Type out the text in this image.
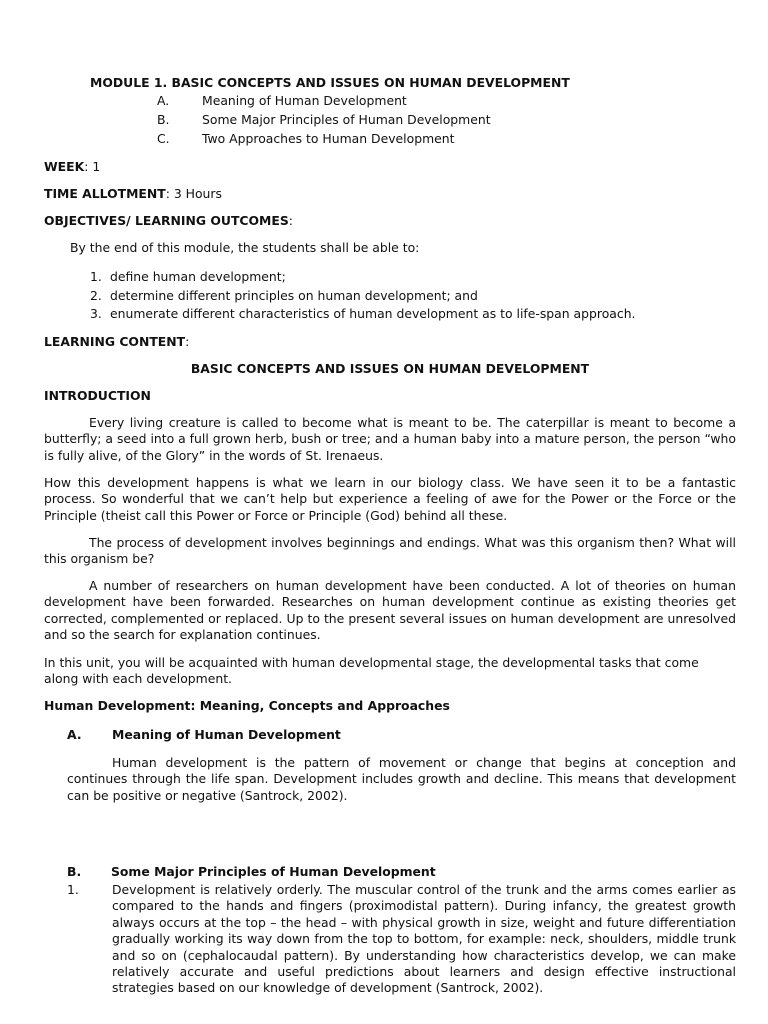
MODULE 1. BASIC CONCEPTS AND ISSUES ON HUMAN DEVELOPMENT

A.	Meaning of Human Development
B.	Some Major Principles of Human Development
C.	Two Approaches to Human Development

WEEK: 1

TIME ALLOTMENT: 3 Hours

OBJECTIVES/ LEARNING OUTCOMES:

By the end of this module, the students shall be able to:

1. define human development;
2. determine different principles on human development; and
3. enumerate different characteristics of human development as to life-span approach.

LEARNING CONTENT:

BASIC CONCEPTS AND ISSUES ON HUMAN DEVELOPMENT

INTRODUCTION

Every living creature is called to become what is meant to be. The caterpillar is meant to become a butterfly; a seed into a full grown herb, bush or tree; and a human baby into a mature person, the person “who is fully alive, of the Glory” in the words of St. Irenaeus.

How this development happens is what we learn in our biology class. We have seen it to be a fantastic process. So wonderful that we can’t help but experience a feeling of awe for the Power or the Force or the Principle (theist call this Power or Force or Principle (God) behind all these.

The process of development involves beginnings and endings. What was this organism then? What will this organism be?

A number of researchers on human development have been conducted. A lot of theories on human development have been forwarded. Researches on human development continue as existing theories get corrected, complemented or replaced. Up to the present several issues on human development are unresolved and so the search for explanation continues.

In this unit, you will be acquainted with human developmental stage, the developmental tasks that come along with each development.

Human Development: Meaning, Concepts and Approaches

A. Meaning of Human Development

Human development is the pattern of movement or change that begins at conception and continues through the life span. Development includes growth and decline. This means that development can be positive or negative (Santrock, 2002).

B. Some Major Principles of Human Development
1.	Development is relatively orderly. The muscular control of the trunk and the arms comes earlier as compared to the hands and fingers (proximodistal pattern). During infancy, the greatest growth always occurs at the top – the head – with physical growth in size, weight and future differentiation gradually working its way down from the top to bottom, for example: neck, shoulders, middle trunk and so on (cephalocaudal pattern). By understanding how characteristics develop, we can make relatively accurate and useful predictions about learners and design effective instructional strategies based on our knowledge of development (Santrock, 2002).
